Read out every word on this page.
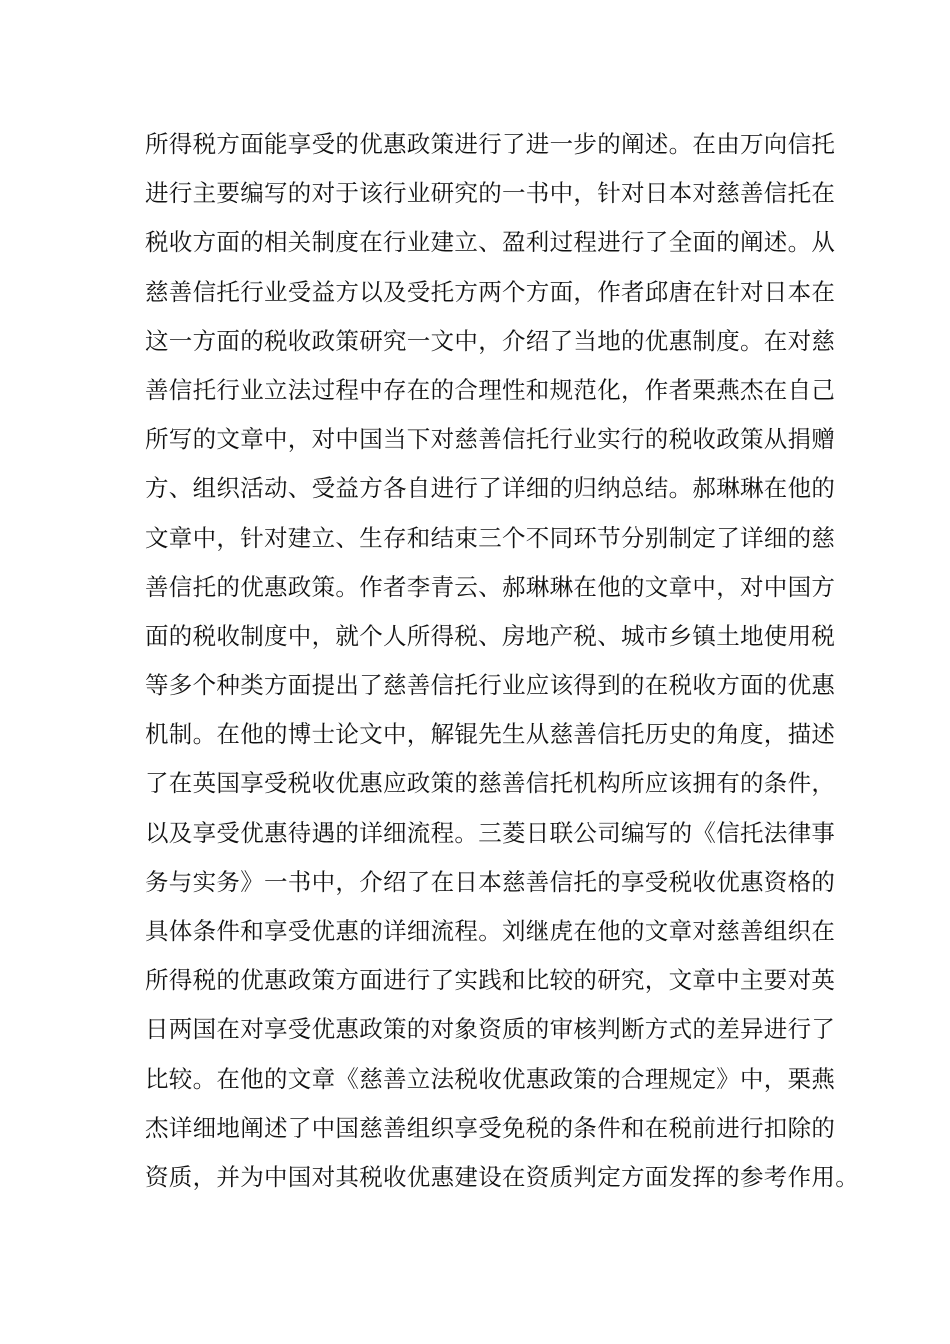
所得税方面能享受的优惠政策进行了进一步的阐述。在由万向信托
进行主要编写的对于该行业研究的一书中，针对日本对慈善信托在
税收方面的相关制度在行业建立、盈利过程进行了全面的阐述。从
慈善信托行业受益方以及受托方两个方面，作者邱唐在针对日本在
这一方面的税收政策研究一文中，介绍了当地的优惠制度。在对慈
善信托行业立法过程中存在的合理性和规范化，作者栗燕杰在自己
所写的文章中，对中国当下对慈善信托行业实行的税收政策从捐赠
方、组织活动、受益方各自进行了详细的归纳总结。郝琳琳在他的
文章中，针对建立、生存和结束三个不同环节分别制定了详细的慈
善信托的优惠政策。作者李青云、郝琳琳在他的文章中，对中国方
面的税收制度中，就个人所得税、房地产税、城市乡镇土地使用税
等多个种类方面提出了慈善信托行业应该得到的在税收方面的优惠
机制。在他的博士论文中，解锟先生从慈善信托历史的角度，描述
了在英国享受税收优惠应政策的慈善信托机构所应该拥有的条件，
以及享受优惠待遇的详细流程。三菱日联公司编写的《信托法律事
务与实务》一书中，介绍了在日本慈善信托的享受税收优惠资格的
具体条件和享受优惠的详细流程。刘继虎在他的文章对慈善组织在
所得税的优惠政策方面进行了实践和比较的研究，文章中主要对英
日两国在对享受优惠政策的对象资质的审核判断方式的差异进行了
比较。在他的文章《慈善立法税收优惠政策的合理规定》中，栗燕
杰详细地阐述了中国慈善组织享受免税的条件和在税前进行扣除的
资质，并为中国对其税收优惠建设在资质判定方面发挥的参考作用。
